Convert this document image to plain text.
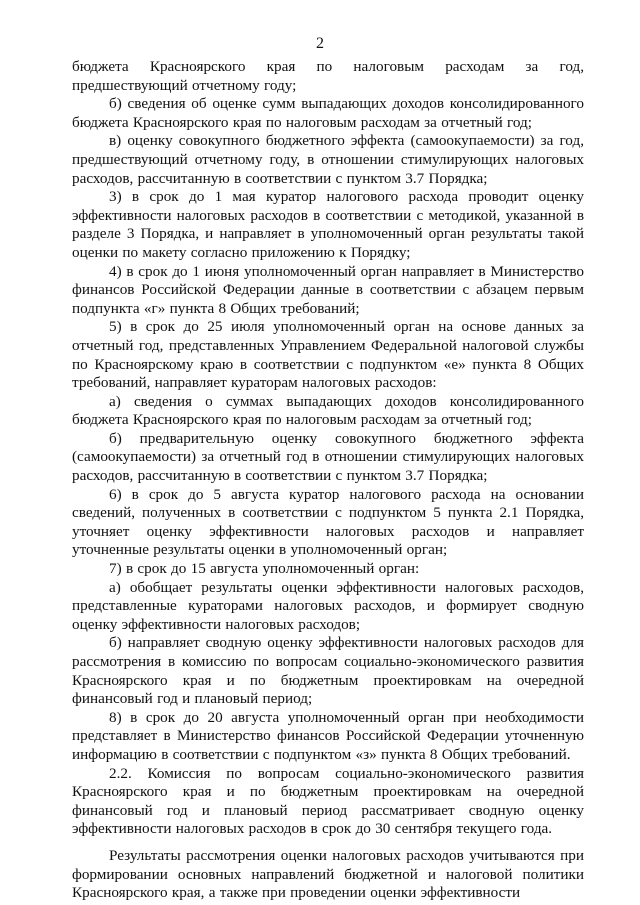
2

бюджета Красноярского края по налоговым расходам за год, предшествующий отчетному году;

б) сведения об оценке сумм выпадающих доходов консолидированного бюджета Красноярского края по налоговым расходам за отчетный год;

в) оценку совокупного бюджетного эффекта (самоокупаемости) за год, предшествующий отчетному году, в отношении стимулирующих налоговых расходов, рассчитанную в соответствии с пунктом 3.7 Порядка;

3) в срок до 1 мая куратор налогового расхода проводит оценку эффективности налоговых расходов в соответствии с методикой, указанной в разделе 3 Порядка, и направляет в уполномоченный орган результаты такой оценки по макету согласно приложению к Порядку;

4) в срок до 1 июня уполномоченный орган направляет в Министерство финансов Российской Федерации данные в соответствии с абзацем первым подпункта «г» пункта 8 Общих требований;

5) в срок до 25 июля уполномоченный орган на основе данных за отчетный год, представленных Управлением Федеральной налоговой службы по Красноярскому краю в соответствии с подпунктом «е» пункта 8 Общих требований, направляет кураторам налоговых расходов:

а) сведения о суммах выпадающих доходов консолидированного бюджета Красноярского края по налоговым расходам за отчетный год;

б) предварительную оценку совокупного бюджетного эффекта (самоокупаемости) за отчетный год в отношении стимулирующих налоговых расходов, рассчитанную в соответствии с пунктом 3.7 Порядка;

6) в срок до 5 августа куратор налогового расхода на основании сведений, полученных в соответствии с подпунктом 5 пункта 2.1 Порядка, уточняет оценку эффективности налоговых расходов и направляет уточненные результаты оценки в уполномоченный орган;

7) в срок до 15 августа уполномоченный орган:

а) обобщает результаты оценки эффективности налоговых расходов, представленные кураторами налоговых расходов, и формирует сводную оценку эффективности налоговых расходов;

б) направляет сводную оценку эффективности налоговых расходов для рассмотрения в комиссию по вопросам социально-экономического развития Красноярского края и по бюджетным проектировкам на очередной финансовый год и плановый период;

8) в срок до 20 августа уполномоченный орган при необходимости представляет в Министерство финансов Российской Федерации уточненную информацию в соответствии с подпунктом «з» пункта 8 Общих требований.

2.2. Комиссия по вопросам социально-экономического развития Красноярского края и по бюджетным проектировкам на очередной финансовый год и плановый период рассматривает сводную оценку эффективности налоговых расходов в срок до 30 сентября текущего года.

Результаты рассмотрения оценки налоговых расходов учитываются при формировании основных направлений бюджетной и налоговой политики Красноярского края, а также при проведении оценки эффективности
